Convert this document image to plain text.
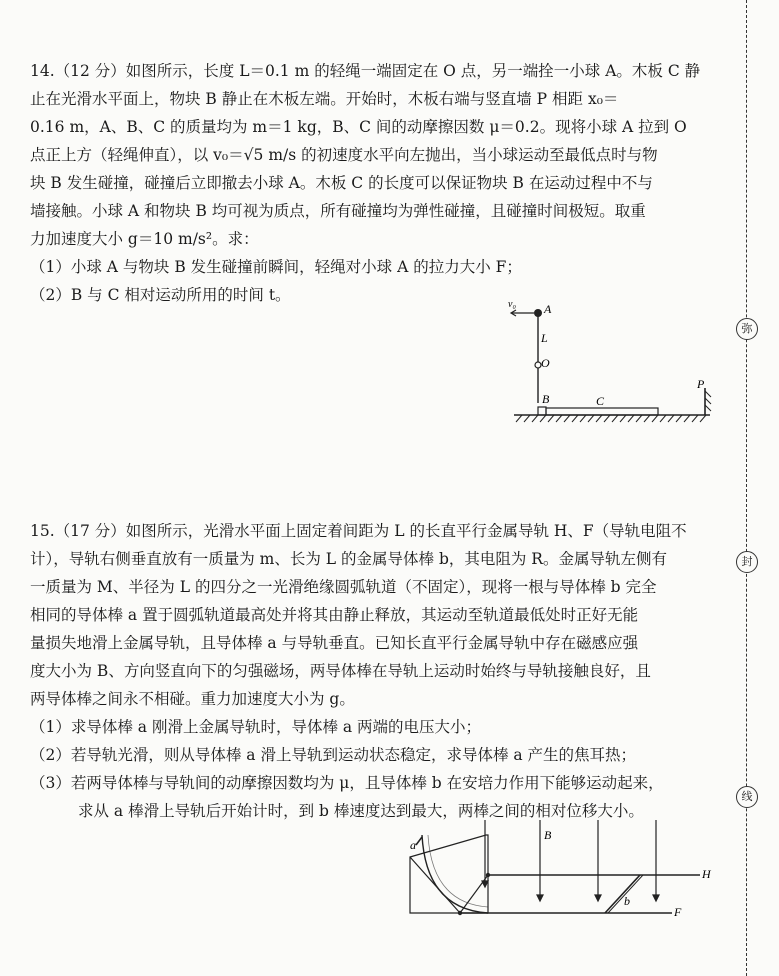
14.（12 分）如图所示，长度 L＝0.1 m 的轻绳一端固定在 O 点，另一端拴一小球 A。木板 C 静
止在光滑水平面上，物块 B 静止在木板左端。开始时，木板右端与竖直墙 P 相距 x₀＝
0.16 m，A、B、C 的质量均为 m＝1 kg，B、C 间的动摩擦因数 μ＝0.2。现将小球 A 拉到 O
点正上方（轻绳伸直），以 v₀＝√5 m/s 的初速度水平向左抛出，当小球运动至最低点时与物
块 B 发生碰撞，碰撞后立即撤去小球 A。木板 C 的长度可以保证物块 B 在运动过程中不与
墙接触。小球 A 和物块 B 均可视为质点，所有碰撞均为弹性碰撞，且碰撞时间极短。取重
力加速度大小 g＝10 m/s²。求：
（1）小球 A 与物块 B 发生碰撞前瞬间，轻绳对小球 A 的拉力大小 F；
（2）B 与 C 相对运动所用的时间 t。
P
C
B
O
L
A
v₀
15.（17 分）如图所示，光滑水平面上固定着间距为 L 的长直平行金属导轨 H、F（导轨电阻不
计），导轨右侧垂直放有一质量为 m、长为 L 的金属导体棒 b，其电阻为 R。金属导轨左侧有
一质量为 M、半径为 L 的四分之一光滑绝缘圆弧轨道（不固定），现将一根与导体棒 b 完全
相同的导体棒 a 置于圆弧轨道最高处并将其由静止释放，其运动至轨道最低处时正好无能
量损失地滑上金属导轨，且导体棒 a 与导轨垂直。已知长直平行金属导轨中存在磁感应强
度大小为 B、方向竖直向下的匀强磁场，两导体棒在导轨上运动时始终与导轨接触良好，且
两导体棒之间永不相碰。重力加速度大小为 g。
（1）求导体棒 a 刚滑上金属导轨时，导体棒 a 两端的电压大小；
（2）若导轨光滑，则从导体棒 a 滑上导轨到运动状态稳定，求导体棒 a 产生的焦耳热；
（3）若两导体棒与导轨间的动摩擦因数均为 μ，且导体棒 b 在安培力作用下能够运动起来，
求从 a 棒滑上导轨后开始计时，到 b 棒速度达到最大，两棒之间的相对位移大小。
a
H
F
b
B
弥
封
线
